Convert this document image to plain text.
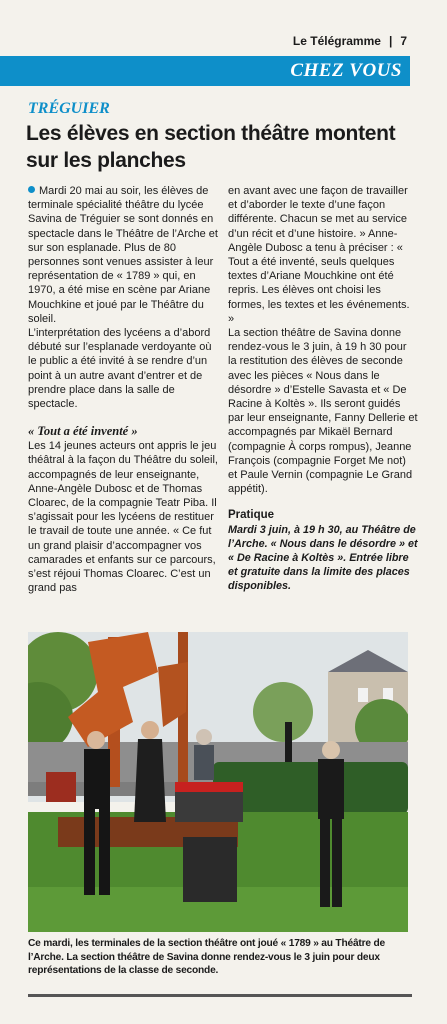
Le Télégramme | 7
CHEZ VOUS
TRÉGUIER
Les élèves en section théâtre montent sur les planches

Mardi 20 mai au soir, les élèves de terminale spécialité théâtre du lycée Savina de Tréguier se sont donnés en spectacle dans le Théâtre de l’Arche et sur son esplanade. Plus de 80 personnes sont venues assister à leur représentation de « 1789 » qui, en 1970, a été mise en scène par Ariane Mouchkine et joué par le Théâtre du soleil.

L’interprétation des lycéens a d’abord débuté sur l’esplanade verdoyante où le public a été invité à se rendre d’un point à un autre avant d’entrer et de prendre place dans la salle de spectacle.

« Tout a été inventé »

Les 14 jeunes acteurs ont appris le jeu théâtral à la façon du Théâtre du soleil, accompagnés de leur enseignante, Anne-Angèle Dubosc et de Thomas Cloarec, de la compagnie Teatr Piba. Il s’agissait pour les lycéens de restituer le travail de toute une année. « Ce fut un grand plaisir d’accompagner vos camarades et enfants sur ce parcours, s’est réjoui Thomas Cloarec. C’est un grand pas

en avant avec une façon de travailler et d’aborder le texte d’une façon différente. Chacun se met au service d’un récit et d’une histoire. » Anne-Angèle Dubosc a tenu à préciser : « Tout a été inventé, seuls quelques textes d’Ariane Mouchkine ont été repris. Les élèves ont choisi les formes, les textes et les événements. »

La section théâtre de Savina donne rendez-vous le 3 juin, à 19 h 30 pour la restitution des élèves de seconde avec les pièces « Nous dans le désordre » d’Estelle Savasta et « De Racine à Koltès ». Ils seront guidés par leur enseignante, Fanny Dellerie et accompagnés par Mikaël Bernard (compagnie À corps rompus), Jeanne François (compagnie Forget Me not) et Paule Vernin (compagnie Le Grand appétit).

Pratique

Mardi 3 juin, à 19 h 30, au Théâtre de l’Arche. « Nous dans le désordre » et « De Racine à Koltès ». Entrée libre et gratuite dans la limite des places disponibles.

Ce mardi, les terminales de la section théâtre ont joué « 1789 » au Théâtre de l’Arche. La section théâtre de Savina donne rendez-vous le 3 juin pour deux représentations de la classe de seconde.
